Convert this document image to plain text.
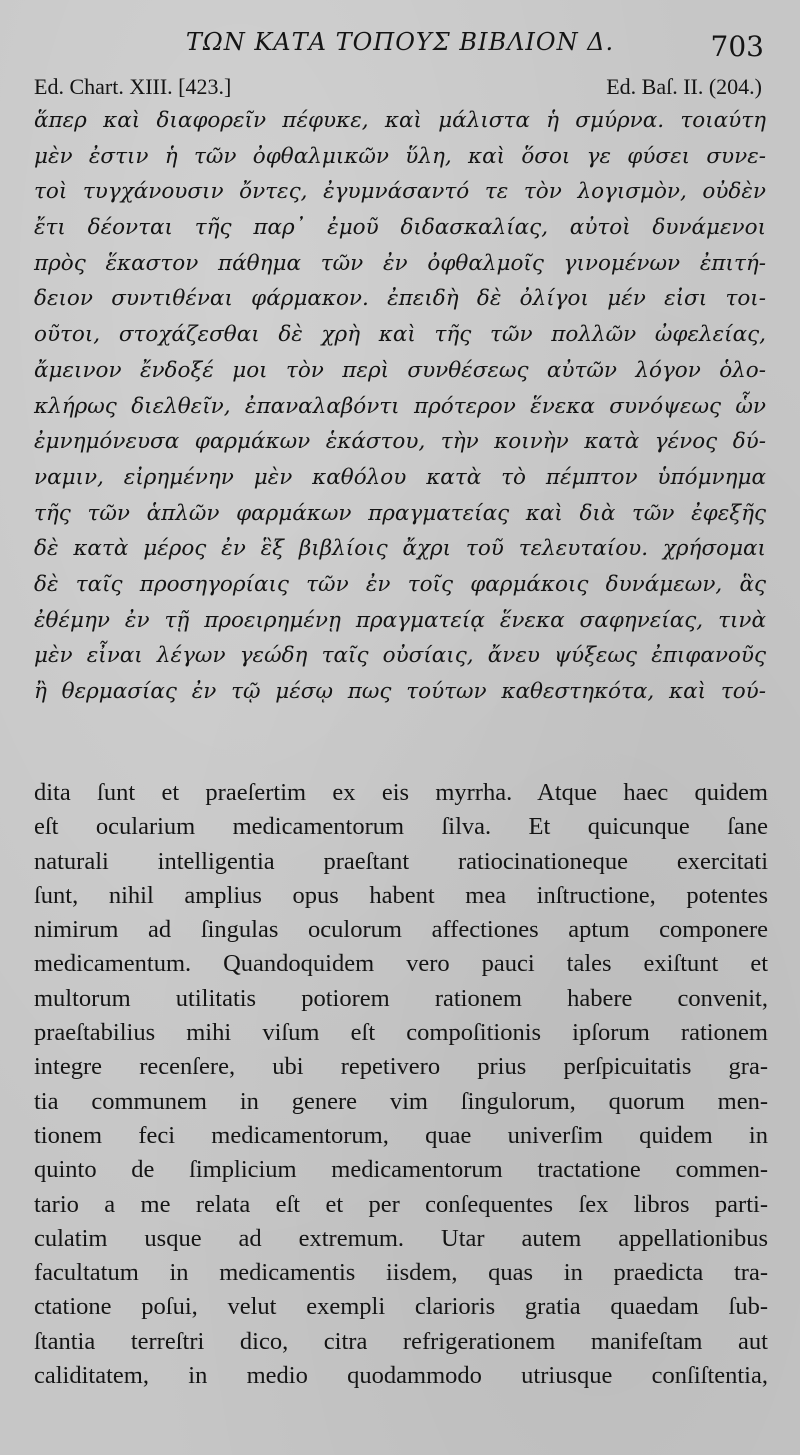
ΤΩΝ ΚΑΤΑ ΤΟΠΟΥΣ ΒΙΒΛΙΟΝ Δ.	703
Ed. Chart. XIII. [423.]	Ed. Baſ. II. (204.)
ἅπερ καὶ διαφορεῖν πέφυκε, καὶ μάλιστα ἡ σμύρνα. τοιαύτη
μὲν ἐστιν ἡ τῶν ὀφθαλμικῶν ὕλη, καὶ ὅσοι γε φύσει συνε-
τοὶ τυγχάνουσιν ὄντες, ἐγυμνάσαντό τε τὸν λογισμὸν, οὐδὲν
ἔτι δέονται τῆς παρ᾽ ἐμοῦ διδασκαλίας, αὐτοὶ δυνάμενοι
πρὸς ἕκαστον πάθημα τῶν ἐν ὀφθαλμοῖς γινομένων ἐπιτή-
δειον συντιθέναι φάρμακον. ἐπειδὴ δὲ ὀλίγοι μέν εἰσι τοι-
οῦτοι, στοχάζεσθαι δὲ χρὴ καὶ τῆς τῶν πολλῶν ὠφελείας,
ἄμεινον ἔνδοξέ μοι τὸν περὶ συνθέσεως αὐτῶν λόγον ὁλο-
κλήρως διελθεῖν, ἐπαναλαβόντι πρότερον ἕνεκα συνόψεως ὧν
ἐμνημόνευσα φαρμάκων ἑκάστου, τὴν κοινὴν κατὰ γένος δύ-
ναμιν, εἰρημένην μὲν καθόλου κατὰ τὸ πέμπτον ὑπόμνημα
τῆς τῶν ἁπλῶν φαρμάκων πραγματείας καὶ διὰ τῶν ἐφεξῆς
δὲ κατὰ μέρος ἐν ἓξ βιβλίοις ἄχρι τοῦ τελευταίου. χρήσομαι
δὲ ταῖς προσηγορίαις τῶν ἐν τοῖς φαρμάκοις δυνάμεων, ἃς
ἐθέμην ἐν τῇ προειρημένῃ πραγματείᾳ ἕνεκα σαφηνείας, τινὰ
μὲν εἶναι λέγων γεώδη ταῖς οὐσίαις, ἄνευ ψύξεως ἐπιφανοῦς
ἢ θερμασίας ἐν τῷ μέσῳ πως τούτων καθεστηκότα, καὶ τού-
dita ſunt et praeſertim ex eis myrrha. Atque haec quidem
eſt ocularium medicamentorum ſilva. Et quicunque ſane
naturali intelligentia praeſtant ratiocinationeque exercitati
ſunt, nihil amplius opus habent mea inſtructione, potentes
nimirum ad ſingulas oculorum affectiones aptum componere
medicamentum. Quandoquidem vero pauci tales exiſtunt et
multorum utilitatis potiorem rationem habere convenit,
praeſtabilius mihi viſum eſt compoſitionis ipſorum rationem
integre recenſere, ubi repetivero prius perſpicuitatis gra-
tia communem in genere vim ſingulorum, quorum men-
tionem feci medicamentorum, quae univerſim quidem in
quinto de ſimplicium medicamentorum tractatione commen-
tario a me relata eſt et per conſequentes ſex libros parti-
culatim usque ad extremum. Utar autem appellationibus
facultatum in medicamentis iisdem, quas in praedicta tra-
ctatione poſui, velut exempli clarioris gratia quaedam ſub-
ſtantia terreſtri dico, citra refrigerationem manifeſtam aut
caliditatem, in medio quodammodo utriusque conſiſtentia,
